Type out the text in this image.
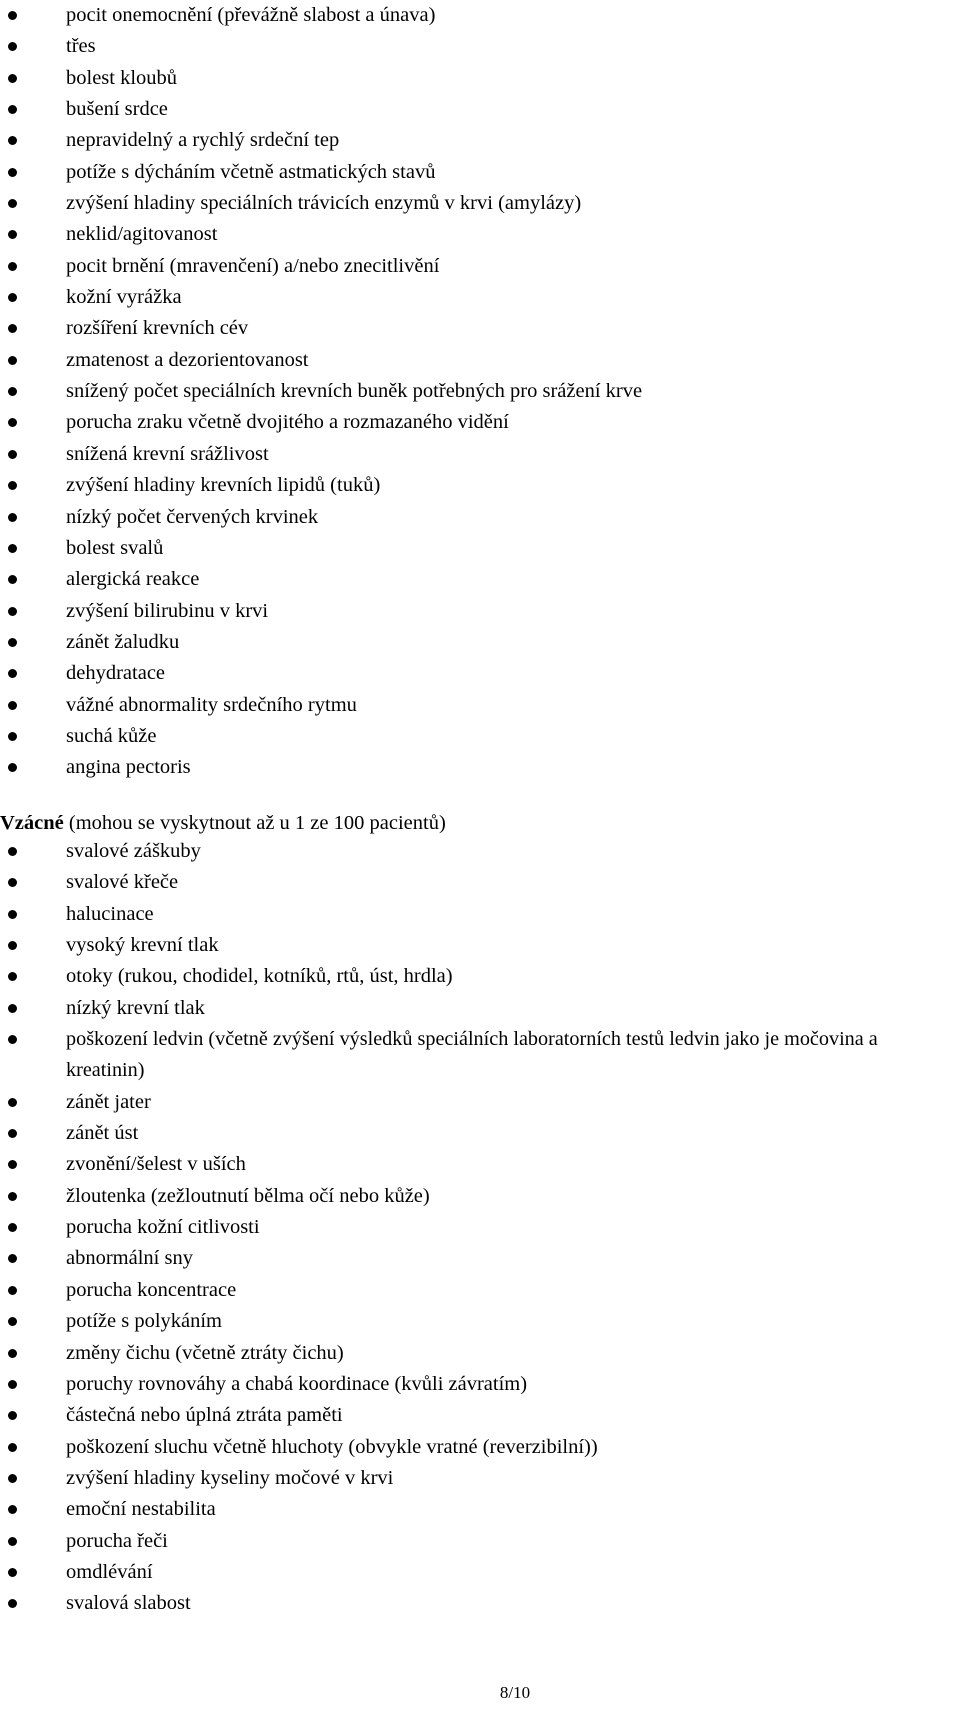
pocit onemocnění (převážně slabost a únava)
třes
bolest kloubů
bušení srdce
nepravidelný a rychlý srdeční tep
potíže s dýcháním včetně astmatických stavů
zvýšení hladiny speciálních trávicích enzymů v krvi (amylázy)
neklid/agitovanost
pocit brnění (mravenčení) a/nebo znecitlivění
kožní vyrážka
rozšíření krevních cév
zmatenost a dezorientovanost
snížený počet speciálních krevních buněk potřebných pro srážení krve
porucha zraku včetně dvojitého a rozmazaného vidění
snížená krevní srážlivost
zvýšení hladiny krevních lipidů (tuků)
nízký počet červených krvinek
bolest svalů
alergická reakce
zvýšení bilirubinu v krvi
zánět žaludku
dehydratace
vážné abnormality srdečního rytmu
suchá kůže
angina pectoris
Vzácné (mohou se vyskytnout až u 1 ze 100 pacientů)
svalové záškuby
svalové křeče
halucinace
vysoký krevní tlak
otoky (rukou, chodidel, kotníků, rtů, úst, hrdla)
nízký krevní tlak
poškození ledvin (včetně zvýšení výsledků speciálních laboratorních testů ledvin jako je močovina a kreatinin)
zánět jater
zánět úst
zvonění/šelest v uších
žloutenka (zežloutnutí bělma očí nebo kůže)
porucha kožní citlivosti
abnormální sny
porucha koncentrace
potíže s polykáním
změny čichu (včetně ztráty čichu)
poruchy rovnováhy a chabá koordinace (kvůli závratím)
částečná nebo úplná ztráta paměti
poškození sluchu včetně hluchoty (obvykle vratné (reverzibilní))
zvýšení hladiny kyseliny močové v krvi
emoční nestabilita
porucha řeči
omdlévání
svalová slabost
8/10
